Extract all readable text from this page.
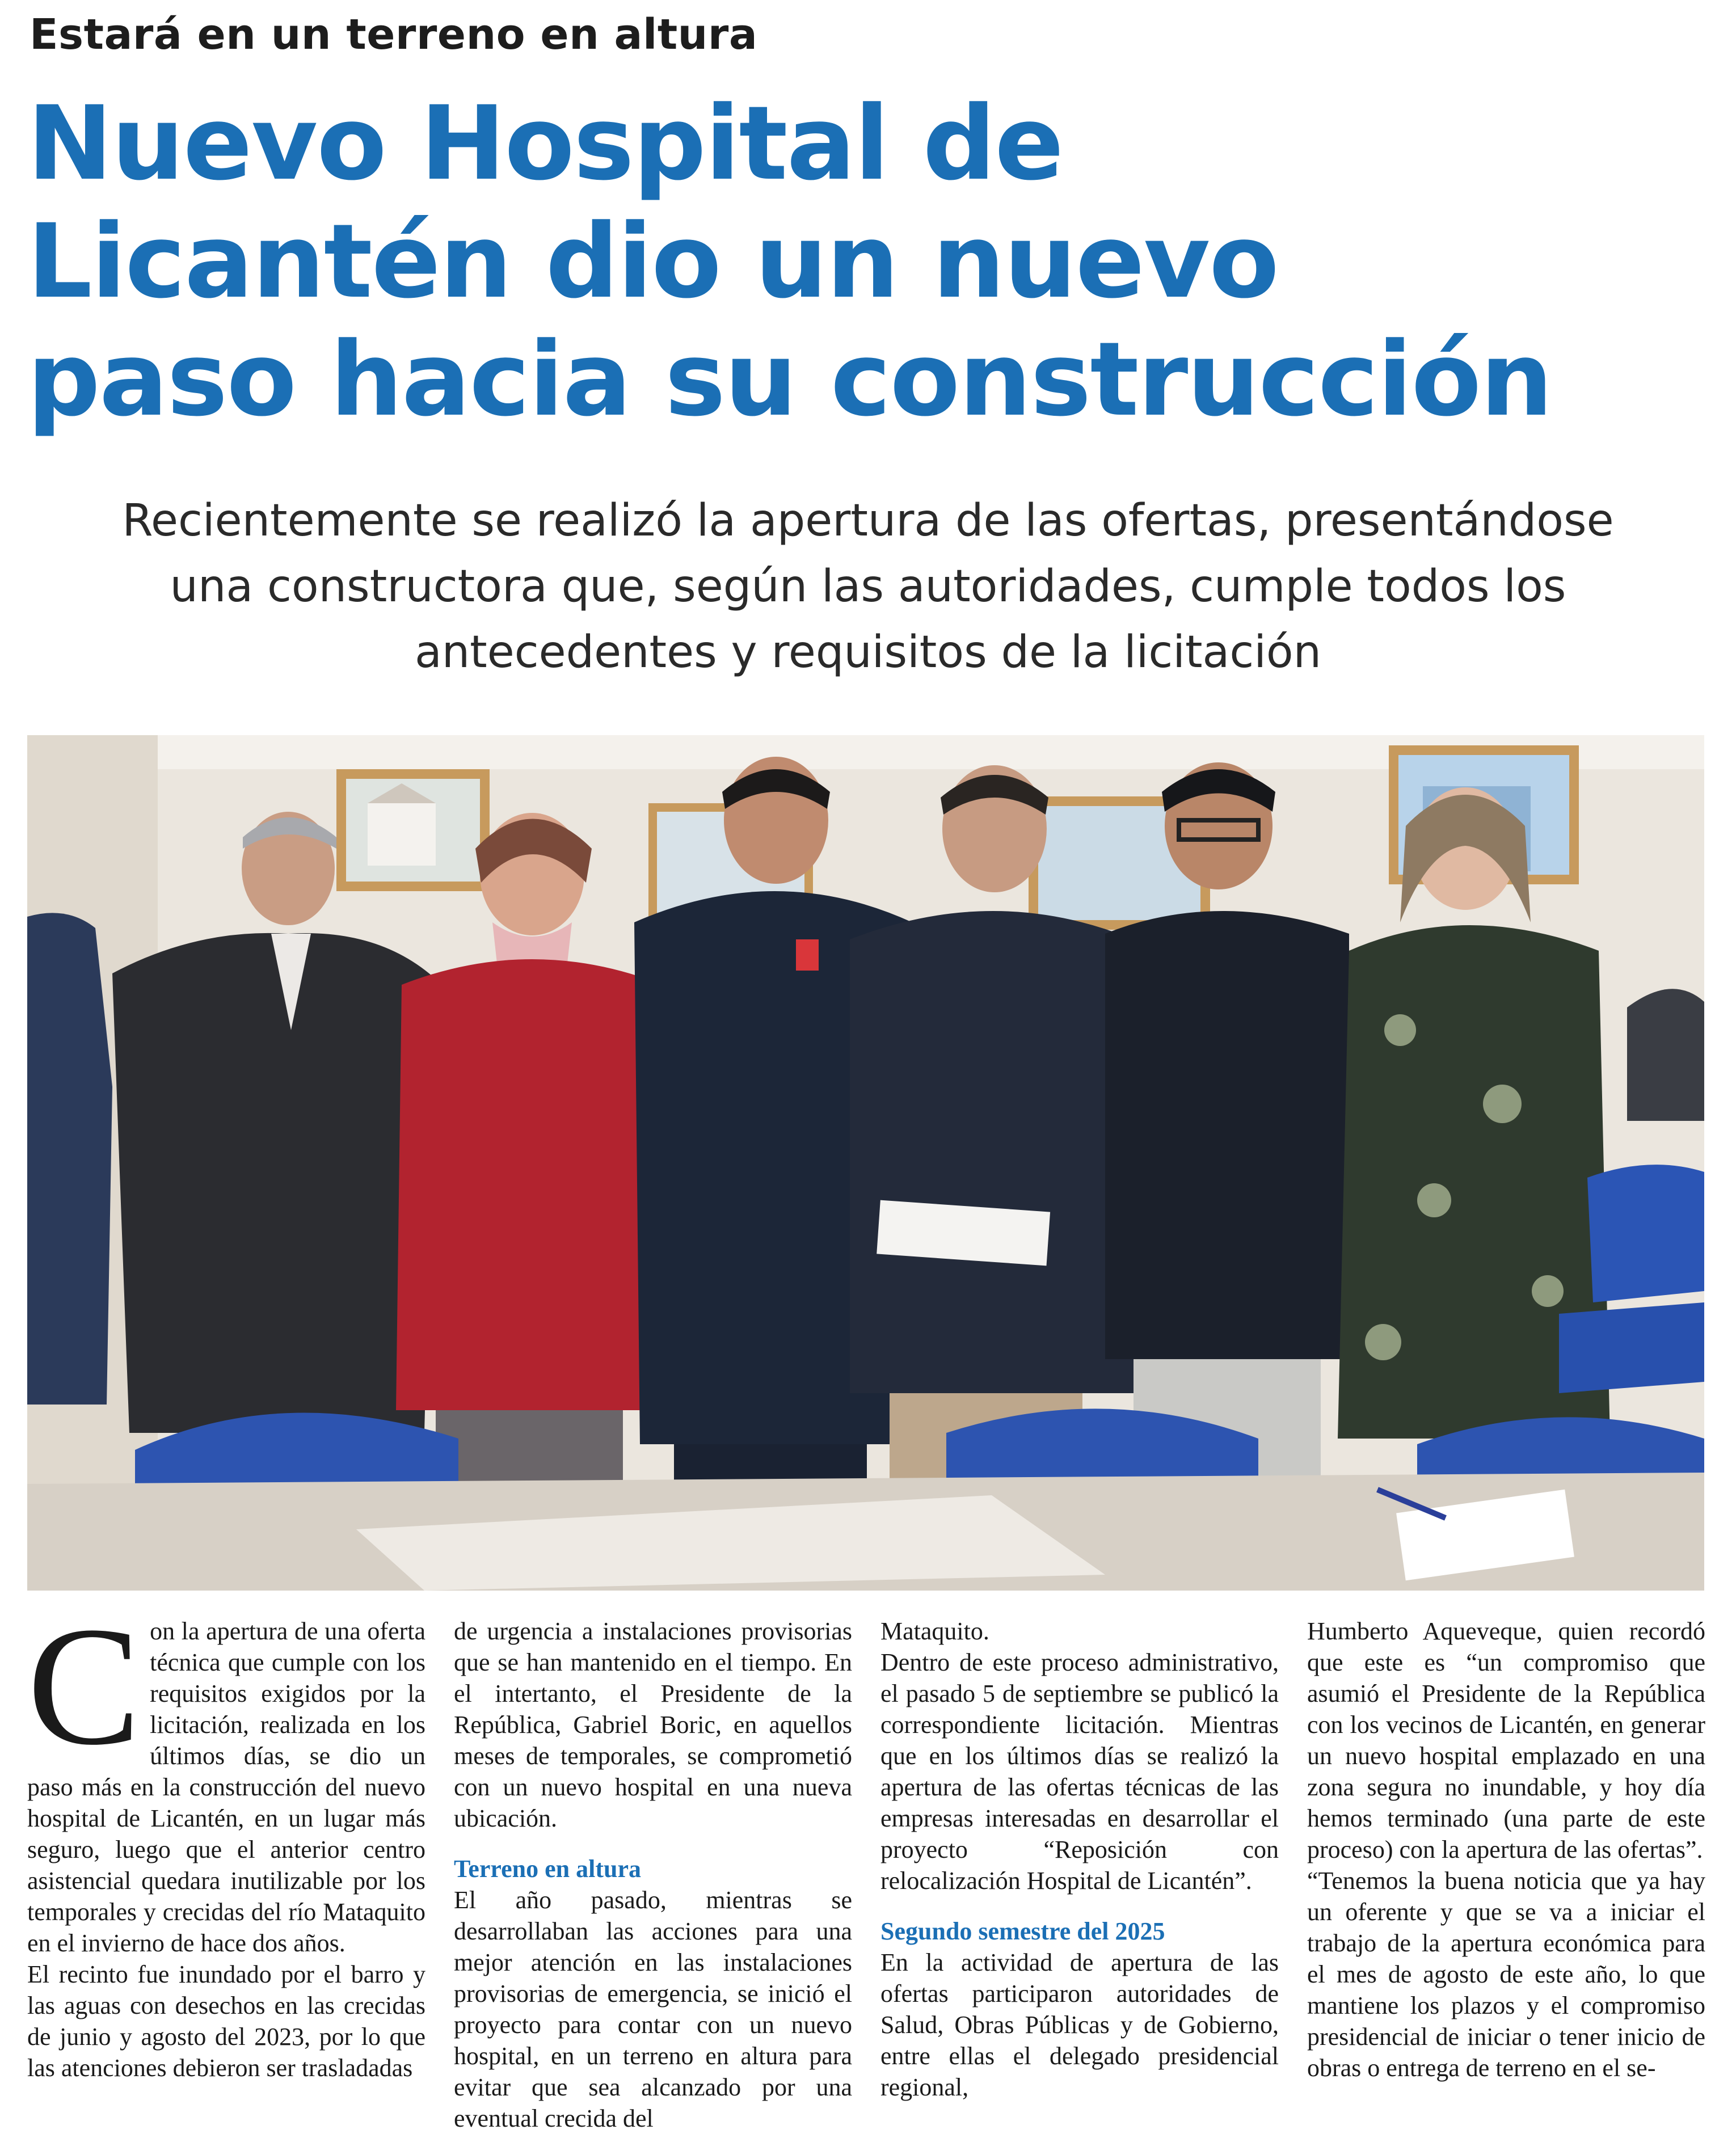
Estará en un terreno en altura
Nuevo Hospital de
Licantén dio un nuevo
paso hacia su construcción
Recientemente se realizó la apertura de las ofertas, presentándose
una constructora que, según las autoridades, cumple todos los
antecedentes y requisitos de la licitación
C on la apertura de una oferta técnica que cumple con los requisitos exigidos por la licitación, realizada en los últimos días, se dio un paso más en la construcción del nuevo hospital de Licantén, en un lugar más seguro, luego que el anterior centro asistencial quedara inutilizable por los temporales y crecidas del río Mataquito en el invierno de hace dos años.

El recinto fue inundado por el barro y las aguas con desechos en las crecidas de junio y agosto del 2023, por lo que las atenciones debieron ser trasladadas

de urgencia a instalaciones provisorias que se han mantenido en el tiempo. En el intertanto, el Presidente de la República, Gabriel Boric, en aquellos meses de temporales, se comprometió con un nuevo hospital en una nueva ubicación.

Terreno en altura

El año pasado, mientras se desarrollaban las acciones para una mejor atención en las instalaciones provisorias de emergencia, se inició el proyecto para contar con un nuevo hospital, en un terreno en altura para evitar que sea alcanzado por una eventual crecida del

Mataquito.

Dentro de este proceso administrativo, el pasado 5 de septiembre se publicó la correspondiente licitación. Mientras que en los últimos días se realizó la apertura de las ofertas técnicas de las empresas interesadas en desarrollar el proyecto “Reposición con relocalización Hospital de Licantén”.

Segundo semestre del 2025

En la actividad de apertura de las ofertas participaron autoridades de Salud, Obras Públicas y de Gobierno, entre ellas el delegado presidencial regional,

Humberto Aqueveque, quien recordó que este es “un compromiso que asumió el Presidente de la República con los vecinos de Licantén, en generar un nuevo hospital emplazado en una zona segura no inundable, y hoy día hemos terminado (una parte de este proceso) con la apertura de las ofertas”.

“Tenemos la buena noticia que ya hay un oferente y que se va a iniciar el trabajo de la apertura económica para el mes de agosto de este año, lo que mantiene los plazos y el compromiso presidencial de iniciar o tener inicio de obras o entrega de terreno en el se-
